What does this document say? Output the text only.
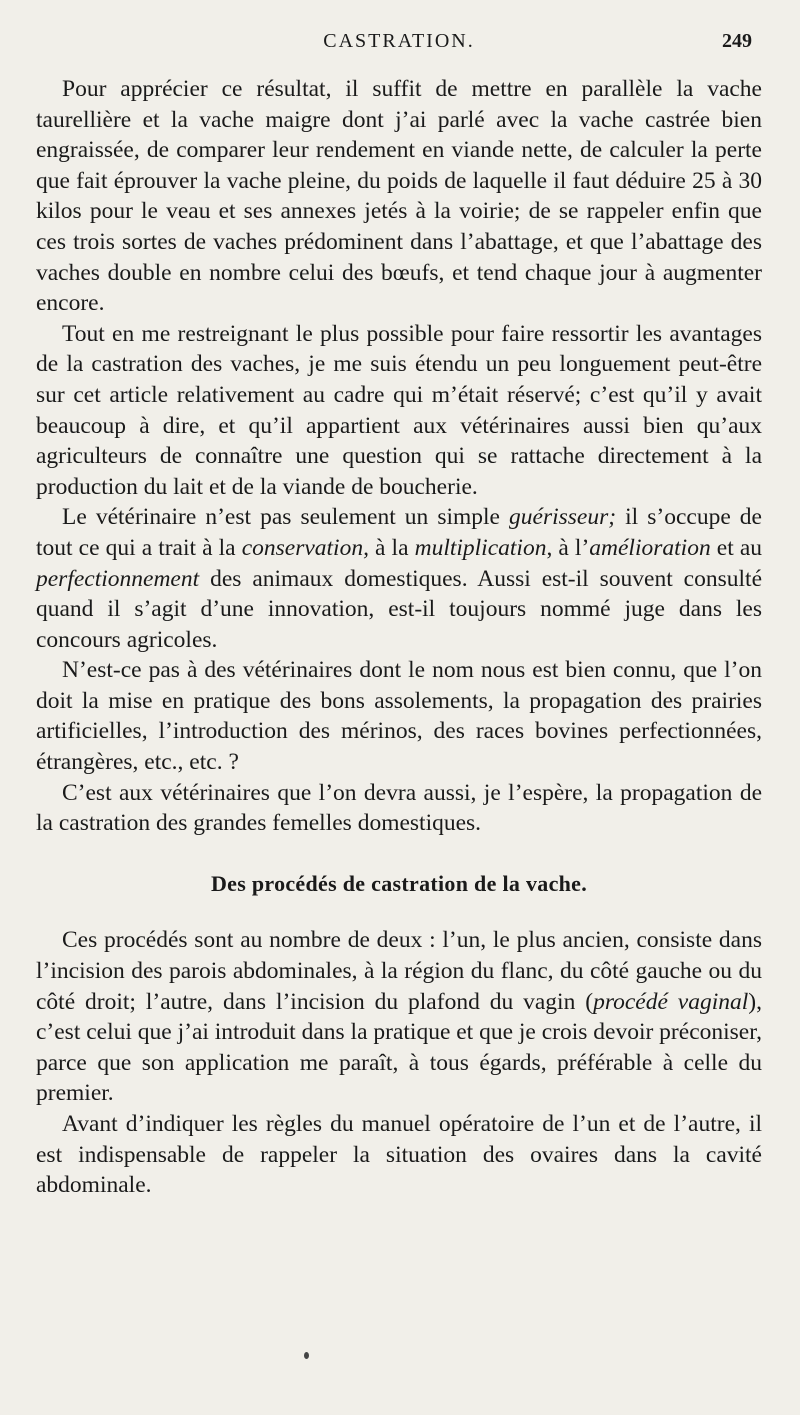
CASTRATION.	249

Pour apprécier ce résultat, il suffit de mettre en parallèle la vache taurellière et la vache maigre dont j’ai parlé avec la vache castrée bien engraissée, de comparer leur rendement en viande nette, de calculer la perte que fait éprouver la vache pleine, du poids de laquelle il faut déduire 25 à 30 kilos pour le veau et ses annexes jetés à la voirie; de se rappeler enfin que ces trois sortes de vaches prédominent dans l’abattage, et que l’abattage des vaches double en nombre celui des bœufs, et tend chaque jour à augmenter encore.

Tout en me restreignant le plus possible pour faire ressortir les avantages de la castration des vaches, je me suis étendu un peu longuement peut-être sur cet article relativement au cadre qui m’était réservé; c’est qu’il y avait beaucoup à dire, et qu’il appartient aux vétérinaires aussi bien qu’aux agriculteurs de connaître une question qui se rattache directement à la production du lait et de la viande de boucherie.

Le vétérinaire n’est pas seulement un simple guérisseur; il s’occupe de tout ce qui a trait à la conservation, à la multiplication, à l’amélioration et au perfectionnement des animaux domestiques. Aussi est-il souvent consulté quand il s’agit d’une innovation, est-il toujours nommé juge dans les concours agricoles.

N’est-ce pas à des vétérinaires dont le nom nous est bien connu, que l’on doit la mise en pratique des bons assolements, la propagation des prairies artificielles, l’introduction des mérinos, des races bovines perfectionnées, étrangères, etc., etc. ?

C’est aux vétérinaires que l’on devra aussi, je l’espère, la propagation de la castration des grandes femelles domestiques.

Des procédés de castration de la vache.

Ces procédés sont au nombre de deux : l’un, le plus ancien, consiste dans l’incision des parois abdominales, à la région du flanc, du côté gauche ou du côté droit; l’autre, dans l’incision du plafond du vagin (procédé vaginal), c’est celui que j’ai introduit dans la pratique et que je crois devoir préconiser, parce que son application me paraît, à tous égards, préférable à celle du premier.

Avant d’indiquer les règles du manuel opératoire de l’un et de l’autre, il est indispensable de rappeler la situation des ovaires dans la cavité abdominale.
